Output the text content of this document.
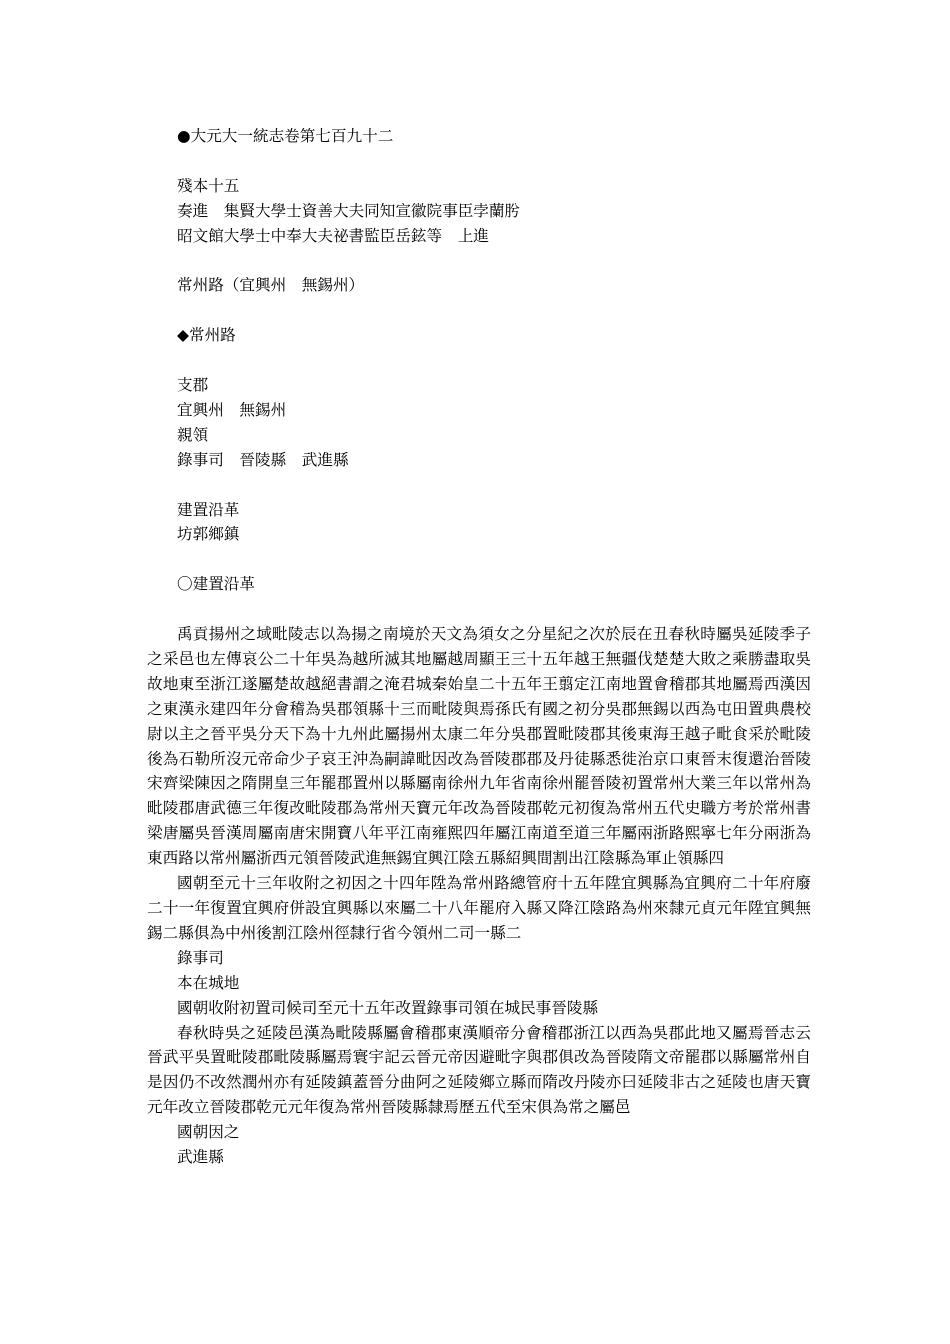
●大元大一統志卷第七百九十二

殘本十五

奏進　集賢大學士資善大夫同知宣徽院事臣孛蘭肹

昭文館大學士中奉大夫祕書監臣岳鉉等　上進

常州路（宜興州　無錫州）

◆常州路

支郡

宜興州　無錫州

親領

錄事司　晉陵縣　武進縣

建置沿革

坊郭鄉鎮

〇建置沿革

禹貢揚州之域毗陵志以為揚之南境於天文為須女之分星紀之次於辰在丑春秋時屬吳延陵季子之采邑也左傳哀公二十年吳為越所滅其地屬越周顯王三十五年越王無疆伐楚楚大敗之乘勝盡取吳故地東至浙江遂屬楚故越絕書謂之淹君城秦始皇二十五年王翦定江南地置會稽郡其地屬焉西漢因之東漢永建四年分會稽為吳郡領縣十三而毗陵與焉孫氏有國之初分吳郡無錫以西為屯田置典農校尉以主之晉平吳分天下為十九州此屬揚州太康二年分吳郡置毗陵郡其後東海王越子毗食采於毗陵後為石勒所沒元帝命少子哀王沖為嗣諱毗因改為晉陵郡郡及丹徒縣悉徙治京口東晉末復還治晉陵宋齊梁陳因之隋開皇三年罷郡置州以縣屬南徐州九年省南徐州罷晉陵初置常州大業三年以常州為毗陵郡唐武德三年復改毗陵郡為常州天寶元年改為晉陵郡乾元初復為常州五代史職方考於常州書梁唐屬吳晉漢周屬南唐宋開寶八年平江南雍熙四年屬江南道至道三年屬兩浙路熙寧七年分兩浙為東西路以常州屬浙西元領晉陵武進無錫宜興江陰五縣紹興間割出江陰縣為軍止領縣四

國朝至元十三年收附之初因之十四年陞為常州路總管府十五年陞宜興縣為宜興府二十年府廢二十一年復置宜興府併設宜興縣以來屬二十八年罷府入縣又降江陰路為州來隸元貞元年陞宜興無錫二縣俱為中州後割江陰州徑隸行省今領州二司一縣二

錄事司

本在城地

國朝收附初置司候司至元十五年改置錄事司領在城民事晉陵縣

春秋時吳之延陵邑漢為毗陵縣屬會稽郡東漢順帝分會稽郡浙江以西為吳郡此地又屬焉晉志云晉武平吳置毗陵郡毗陵縣屬焉寰宇記云晉元帝因避毗字與郡俱改為晉陵隋文帝罷郡以縣屬常州自是因仍不改然潤州亦有延陵鎮蓋晉分曲阿之延陵鄉立縣而隋改丹陵亦曰延陵非古之延陵也唐天寶元年改立晉陵郡乾元元年復為常州晉陵縣隸焉歷五代至宋俱為常之屬邑

國朝因之

武進縣
